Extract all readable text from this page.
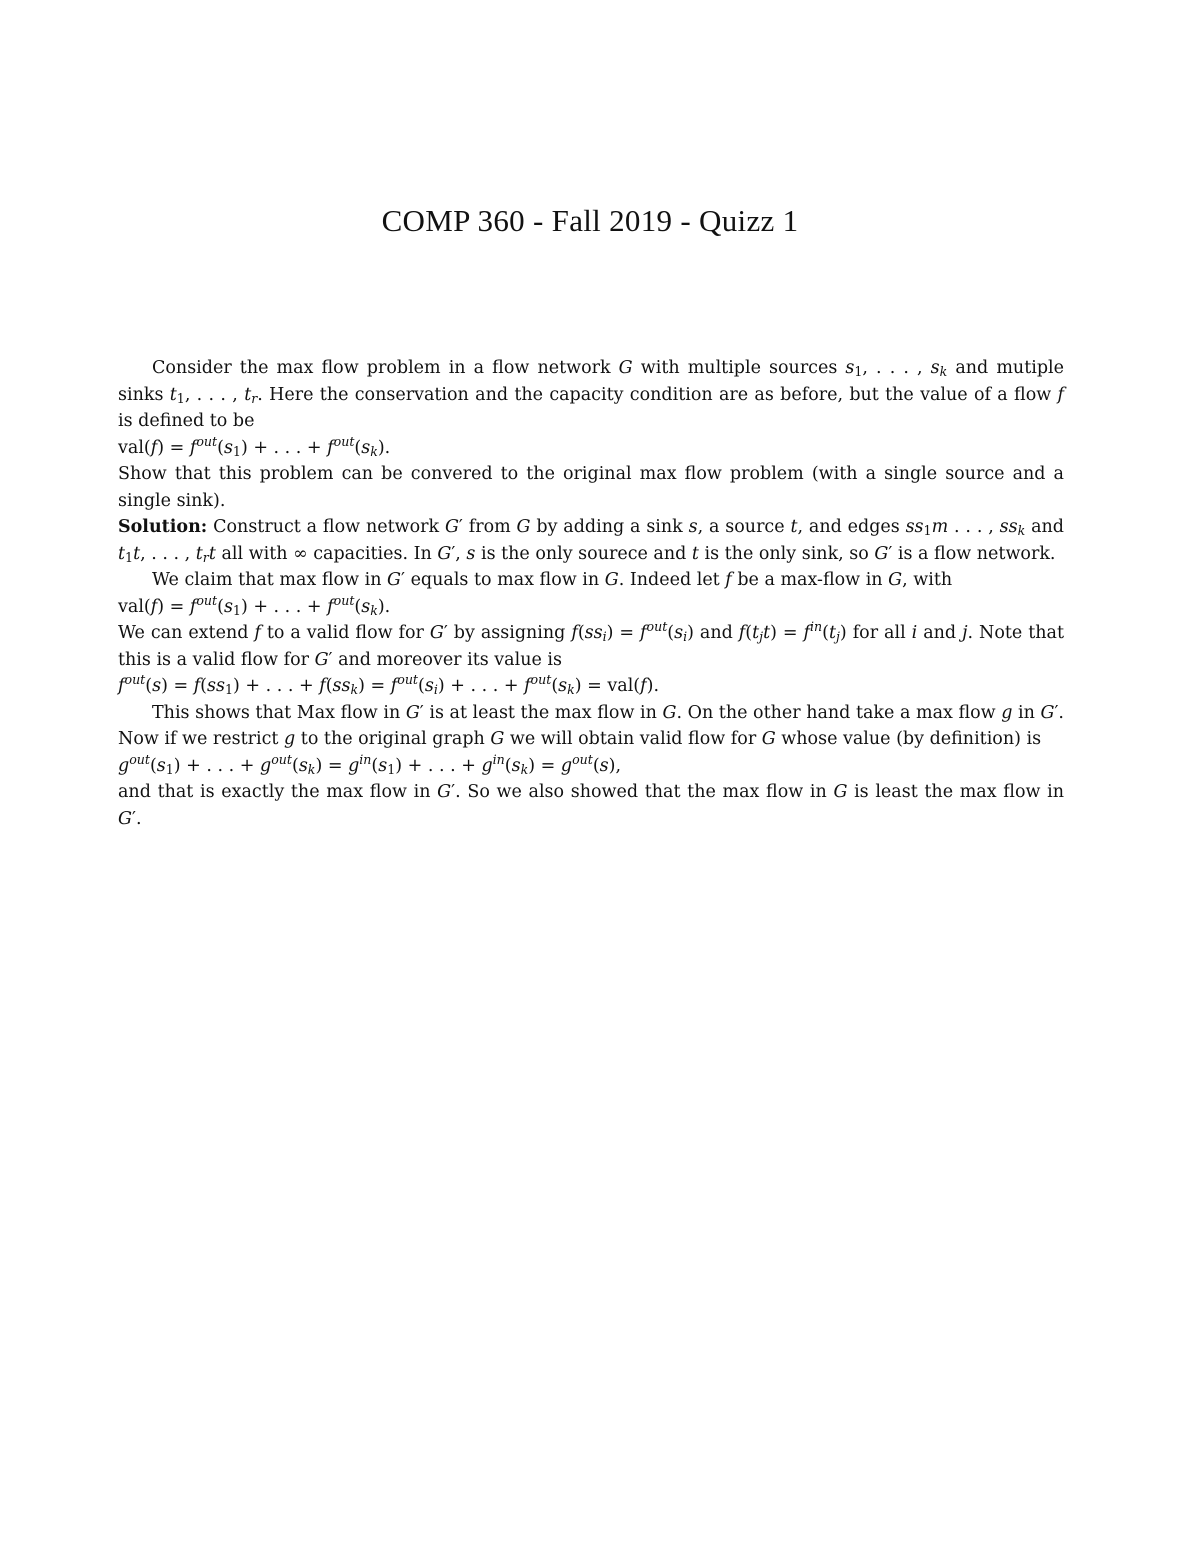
COMP 360 - Fall 2019 - Quizz 1

Consider the max flow problem in a flow network G with multiple sources $s_1$, . . . , $s_k$ and mutiple sinks $t_1$, . . . , $t_r$. Here the conservation and the capacity condition are as before, but the value of a flow f is defined to be

$val(f) = f^{out}(s_1)$ + . . . + $f^{out}(s_k)$.

Show that this problem can be convered to the original max flow problem (with a single source and a single sink).

Solution: Construct a flow network G′ from G by adding a sink s, a source t, and edges $ss_1m$ . . . , $ss_k$ and $t_1t$, . . . , $t_rt$ all with ∞ capacities. In G′, s is the only sourece and t is the only sink, so G′ is a flow network.

We claim that max flow in G′ equals to max flow in G. Indeed let f be a max-flow in G, with

$val(f) = f^{out}(s_1)$ + . . . + $f^{out}(s_k)$.

We can extend f to a valid flow for G′ by assigning $f(ss_i) = f^{out}(s_i)$ and $f(t_jt) = f^{in}(t_j)$ for all i and j. Note that this is a valid flow for G′ and moreover its value is

$f^{out}(s) = f(ss_1)$ + . . . + $f(ss_k) = f^{out}(s_i)$ + . . . + $f^{out}(s_k) = val(f)$.

This shows that Max flow in G′ is at least the max flow in G. On the other hand take a max flow g in G′. Now if we restrict g to the original graph G we will obtain valid flow for G whose value (by definition) is

$g^{out}(s_1)$ + . . . + $g^{out}(s_k) = g^{in}(s_1)$ + . . . + $g^{in}(s_k) = g^{out}(s)$,

and that is exactly the max flow in G′. So we also showed that the max flow in G is least the max flow in G′.
